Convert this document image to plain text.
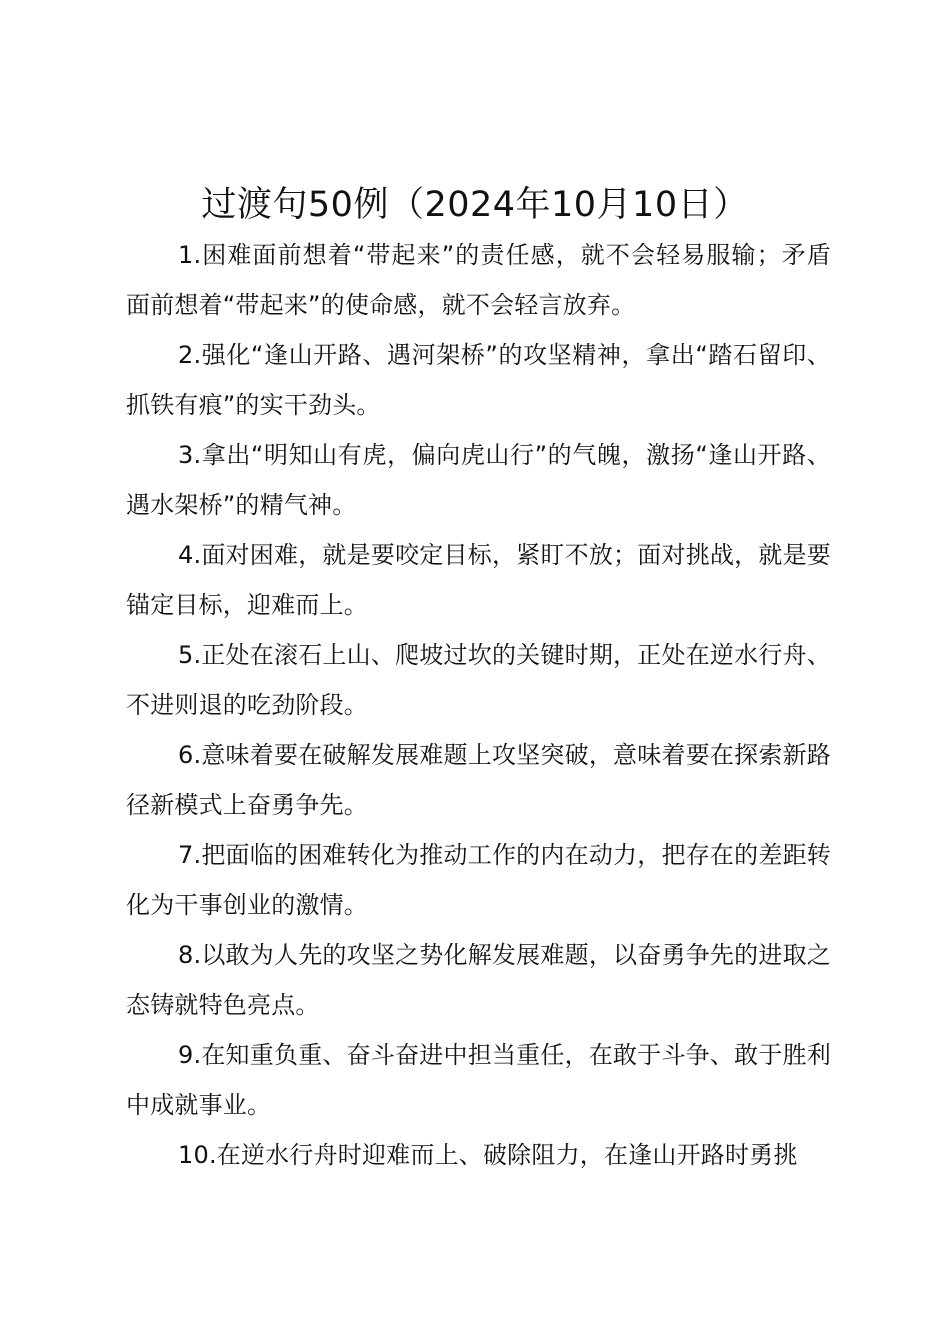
过渡句50例（2024年10月10日）

1.困难面前想着“带起来”的责任感，就不会轻易服输；矛盾面前想着“带起来”的使命感，就不会轻言放弃。

2.强化“逢山开路、遇河架桥”的攻坚精神，拿出“踏石留印、抓铁有痕”的实干劲头。

3.拿出“明知山有虎，偏向虎山行”的气魄，激扬“逢山开路、遇水架桥”的精气神。

4.面对困难，就是要咬定目标，紧盯不放；面对挑战，就是要锚定目标，迎难而上。

5.正处在滚石上山、爬坡过坎的关键时期，正处在逆水行舟、不进则退的吃劲阶段。

6.意味着要在破解发展难题上攻坚突破，意味着要在探索新路径新模式上奋勇争先。

7.把面临的困难转化为推动工作的内在动力，把存在的差距转化为干事创业的激情。

8.以敢为人先的攻坚之势化解发展难题，以奋勇争先的进取之态铸就特色亮点。

9.在知重负重、奋斗奋进中担当重任，在敢于斗争、敢于胜利中成就事业。

10.在逆水行舟时迎难而上、破除阻力，在逢山开路时勇挑
